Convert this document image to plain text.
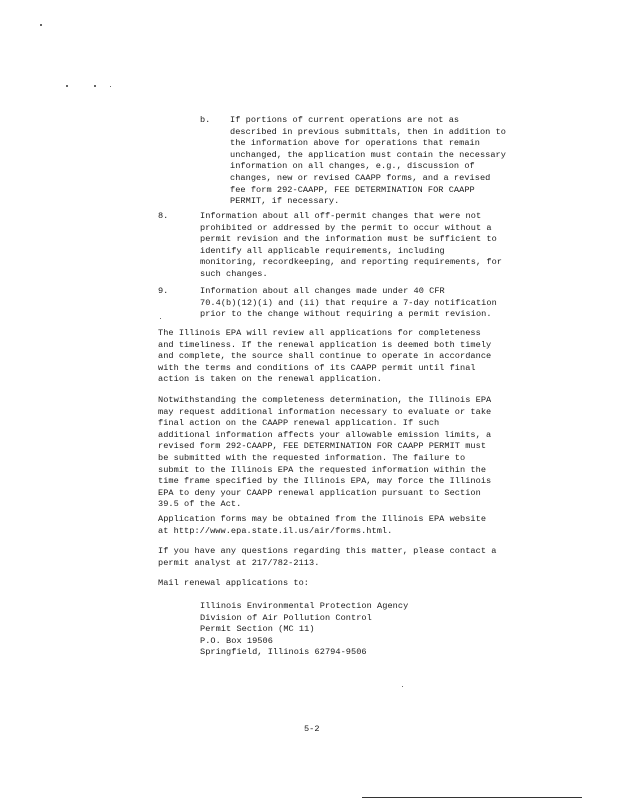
b. If portions of current operations are not as
described in previous submittals, then in addition to
the information above for operations that remain
unchanged, the application must contain the necessary
information on all changes, e.g., discussion of
changes, new or revised CAAPP forms, and a revised
fee form 292-CAAPP, FEE DETERMINATION FOR CAAPP
PERMIT, if necessary.
8.	Information about all off-permit changes that were not
prohibited or addressed by the permit to occur without a
permit revision and the information must be sufficient to
identify all applicable requirements, including
monitoring, recordkeeping, and reporting requirements, for
such changes.
9.	Information about all changes made under 40 CFR
70.4(b)(12)(i) and (ii) that require a 7-day notification
prior to the change without requiring a permit revision.
The Illinois EPA will review all applications for completeness
and timeliness. If the renewal application is deemed both timely
and complete, the source shall continue to operate in accordance
with the terms and conditions of its CAAPP permit until final
action is taken on the renewal application.
Notwithstanding the completeness determination, the Illinois EPA
may request additional information necessary to evaluate or take
final action on the CAAPP renewal application. If such
additional information affects your allowable emission limits, a
revised form 292-CAAPP, FEE DETERMINATION FOR CAAPP PERMIT must
be submitted with the requested information. The failure to
submit to the Illinois EPA the requested information within the
time frame specified by the Illinois EPA, may force the Illinois
EPA to deny your CAAPP renewal application pursuant to Section
39.5 of the Act.
Application forms may be obtained from the Illinois EPA website
at http://www.epa.state.il.us/air/forms.html.
If you have any questions regarding this matter, please contact a
permit analyst at 217/782-2113.
Mail renewal applications to:
Illinois Environmental Protection Agency
Division of Air Pollution Control
Permit Section (MC 11)
P.O. Box 19506
Springfield, Illinois 62794-9506
5-2
